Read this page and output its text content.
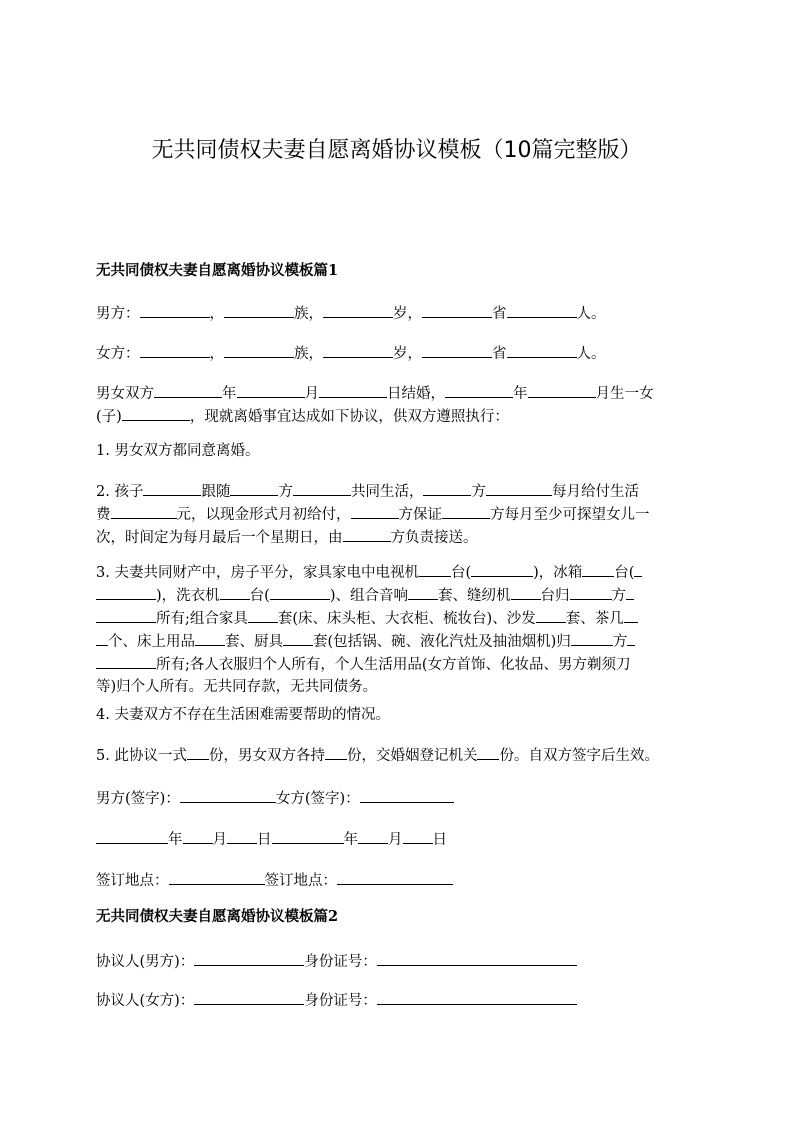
无共同债权夫妻自愿离婚协议模板（10篇完整版）
无共同债权夫妻自愿离婚协议模板篇1
男方：	，	族，	岁，	省	人。
女方：	，	族，	岁，	省	人。
男女双方	年	月	日结婚，	年	月生一女
(子)	，现就离婚事宜达成如下协议，供双方遵照执行：
1. 男女双方都同意离婚。
2. 孩子	跟随	方	共同生活，	方	每月给付生活
费	元，以现金形式月初给付，	方保证	方每月至少可探望女儿一
次，时间定为每月最后一个星期日，由	方负责接送。
3. 夫妻共同财产中，房子平分，家具家电中电视机 台(	)，冰箱 台(
)，洗衣机 台(	)、组合音响 套、缝纫机 台归	方
所有;组合家具 套(床、床头柜、大衣柜、梳妆台)、沙发 套、茶几
个、床上用品 套、厨具 套(包括锅、碗、液化汽灶及抽油烟机)归	方
所有;各人衣服归个人所有，个人生活用品(女方首饰、化妆品、男方剃须刀
等)归个人所有。无共同存款，无共同债务。
4. 夫妻双方不存在生活困难需要帮助的情况。
5. 此协议一式 份，男女双方各持 份，交婚姻登记机关 份。自双方签字后生效。
男方(签字)：	女方(签字)：
年 月 日	年 月 日
签订地点：	签订地点：
无共同债权夫妻自愿离婚协议模板篇2
协议人(男方)：	身份证号：
协议人(女方)：	身份证号：
